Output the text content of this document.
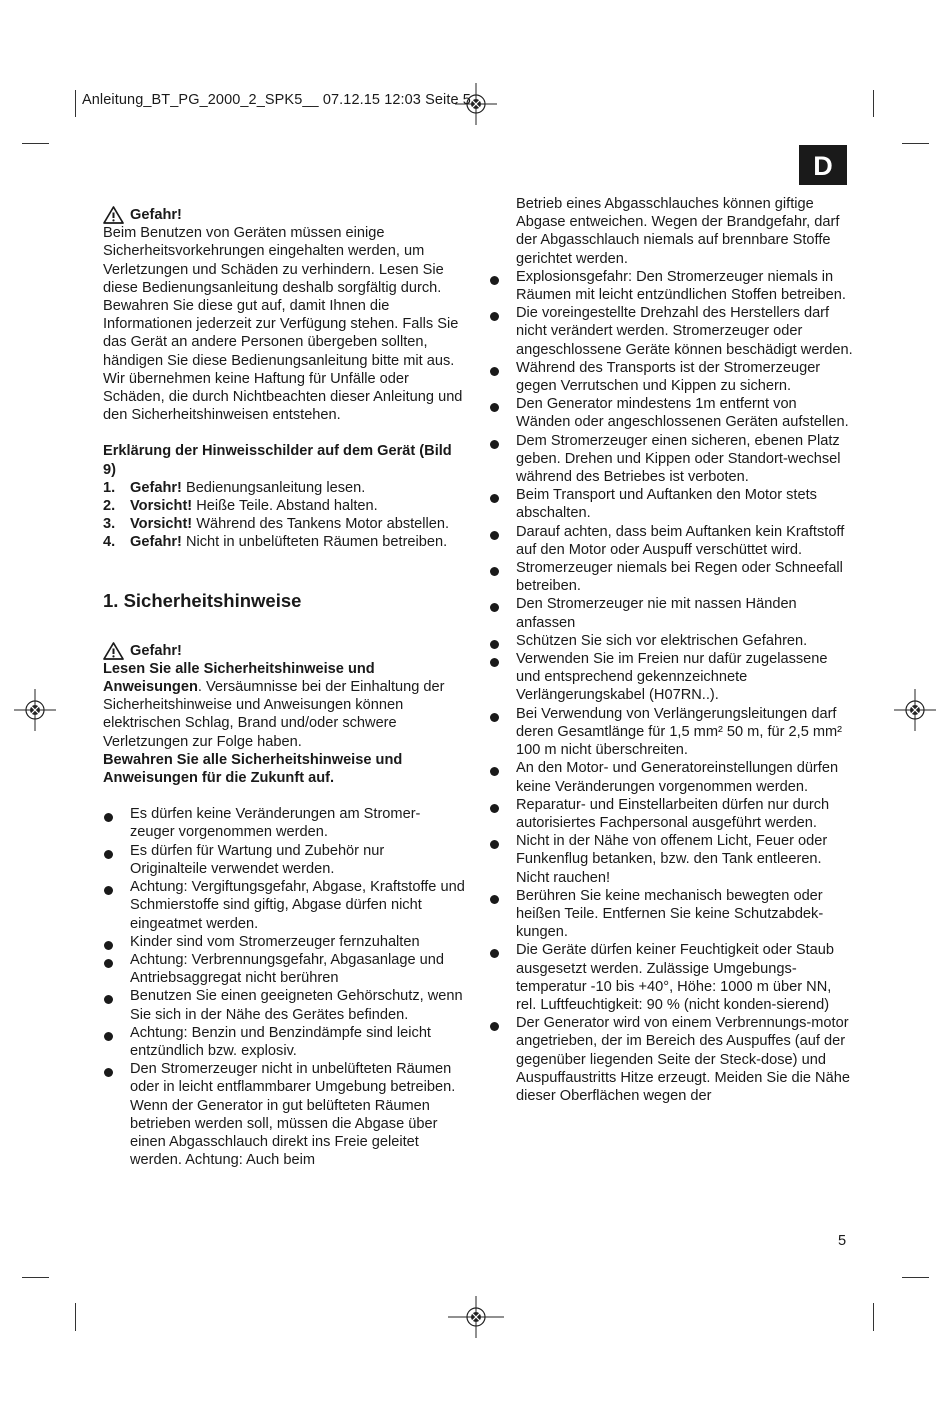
Anleitung_BT_PG_2000_2_SPK5__ 07.12.15 12:03 Seite 5
D
Gefahr!

Beim Benutzen von Geräten müssen einige Sicherheitsvorkehrungen eingehalten werden, um Verletzungen und Schäden zu verhindern. Lesen Sie diese Bedienungsanleitung deshalb sorgfältig durch. Bewahren Sie diese gut auf, damit Ihnen die Informationen jederzeit zur Verfügung stehen. Falls Sie das Gerät an andere Personen übergeben sollten, händigen Sie diese Bedienungsanleitung bitte mit aus. Wir übernehmen keine Haftung für Unfälle oder Schäden, die durch Nichtbeachten dieser Anleitung und den Sicherheitshinweisen entstehen.

Erklärung der Hinweisschilder auf dem Gerät (Bild 9)

1. Gefahr! Bedienungsanleitung lesen.
2. Vorsicht! Heiße Teile. Abstand halten.
3. Vorsicht! Während des Tankens Motor abstellen.
4. Gefahr! Nicht in unbelüfteten Räumen betreiben.
1. Sicherheitshinweise
Gefahr!

Lesen Sie alle Sicherheitshinweise und Anweisungen. Versäumnisse bei der Einhaltung der Sicherheitshinweise und Anweisungen können elektrischen Schlag, Brand und/oder schwere Verletzungen zur Folge haben.

Bewahren Sie alle Sicherheitshinweise und Anweisungen für die Zukunft auf.

Es dürfen keine Veränderungen am Stromer-zeuger vorgenommen werden.
Es dürfen für Wartung und Zubehör nur Originalteile verwendet werden.
Achtung: Vergiftungsgefahr, Abgase, Kraftstoffe und Schmierstoffe sind giftig, Abgase dürfen nicht eingeatmet werden.
Kinder sind vom Stromerzeuger fernzuhalten
Achtung: Verbrennungsgefahr, Abgasanlage und Antriebsaggregat nicht berühren
Benutzen Sie einen geeigneten Gehörschutz, wenn Sie sich in der Nähe des Gerätes befinden.
Achtung: Benzin und Benzindämpfe sind leicht entzündlich bzw. explosiv.
Den Stromerzeuger nicht in unbelüfteten Räumen oder in leicht entflammbarer Umgebung betreiben. Wenn der Generator in gut belüfteten Räumen betrieben werden soll, müssen die Abgase über einen Abgasschlauch direkt ins Freie geleitet werden. Achtung: Auch beim

Betrieb eines Abgasschlauches können giftige Abgase entweichen. Wegen der Brandgefahr, darf der Abgasschlauch niemals auf brennbare Stoffe gerichtet werden.

Explosionsgefahr: Den Stromerzeuger niemals in Räumen mit leicht entzündlichen Stoffen betreiben.
Die voreingestellte Drehzahl des Herstellers darf nicht verändert werden. Stromerzeuger oder angeschlossene Geräte können beschädigt werden.
Während des Transports ist der Stromerzeuger gegen Verrutschen und Kippen zu sichern.
Den Generator mindestens 1m entfernt von Wänden oder angeschlossenen Geräten aufstellen.
Dem Stromerzeuger einen sicheren, ebenen Platz geben. Drehen und Kippen oder Standort-wechsel während des Betriebes ist verboten.
Beim Transport und Auftanken den Motor stets abschalten.
Darauf achten, dass beim Auftanken kein Kraftstoff auf den Motor oder Auspuff verschüttet wird.
Stromerzeuger niemals bei Regen oder Schneefall betreiben.
Den Stromerzeuger nie mit nassen Händen anfassen
Schützen Sie sich vor elektrischen Gefahren.
Verwenden Sie im Freien nur dafür zugelassene und entsprechend gekennzeichnete Verlängerungskabel (H07RN..).
Bei Verwendung von Verlängerungsleitungen darf deren Gesamtlänge für 1,5 mm² 50 m, für 2,5 mm² 100 m nicht überschreiten.
An den Motor- und Generatoreinstellungen dürfen keine Veränderungen vorgenommen werden.
Reparatur- und Einstellarbeiten dürfen nur durch autorisiertes Fachpersonal ausgeführt werden.
Nicht in der Nähe von offenem Licht, Feuer oder Funkenflug betanken, bzw. den Tank entleeren. Nicht rauchen!
Berühren Sie keine mechanisch bewegten oder heißen Teile. Entfernen Sie keine Schutzabdek-kungen.
Die Geräte dürfen keiner Feuchtigkeit oder Staub ausgesetzt werden. Zulässige Umgebungs-temperatur -10 bis +40°, Höhe: 1000 m über NN, rel. Luftfeuchtigkeit: 90 % (nicht konden-sierend)
Der Generator wird von einem Verbrennungs-motor angetrieben, der im Bereich des Auspuffes (auf der gegenüber liegenden Seite der Steck-dose) und Auspuffaustritts Hitze erzeugt. Meiden Sie die Nähe dieser Oberflächen wegen der
5
